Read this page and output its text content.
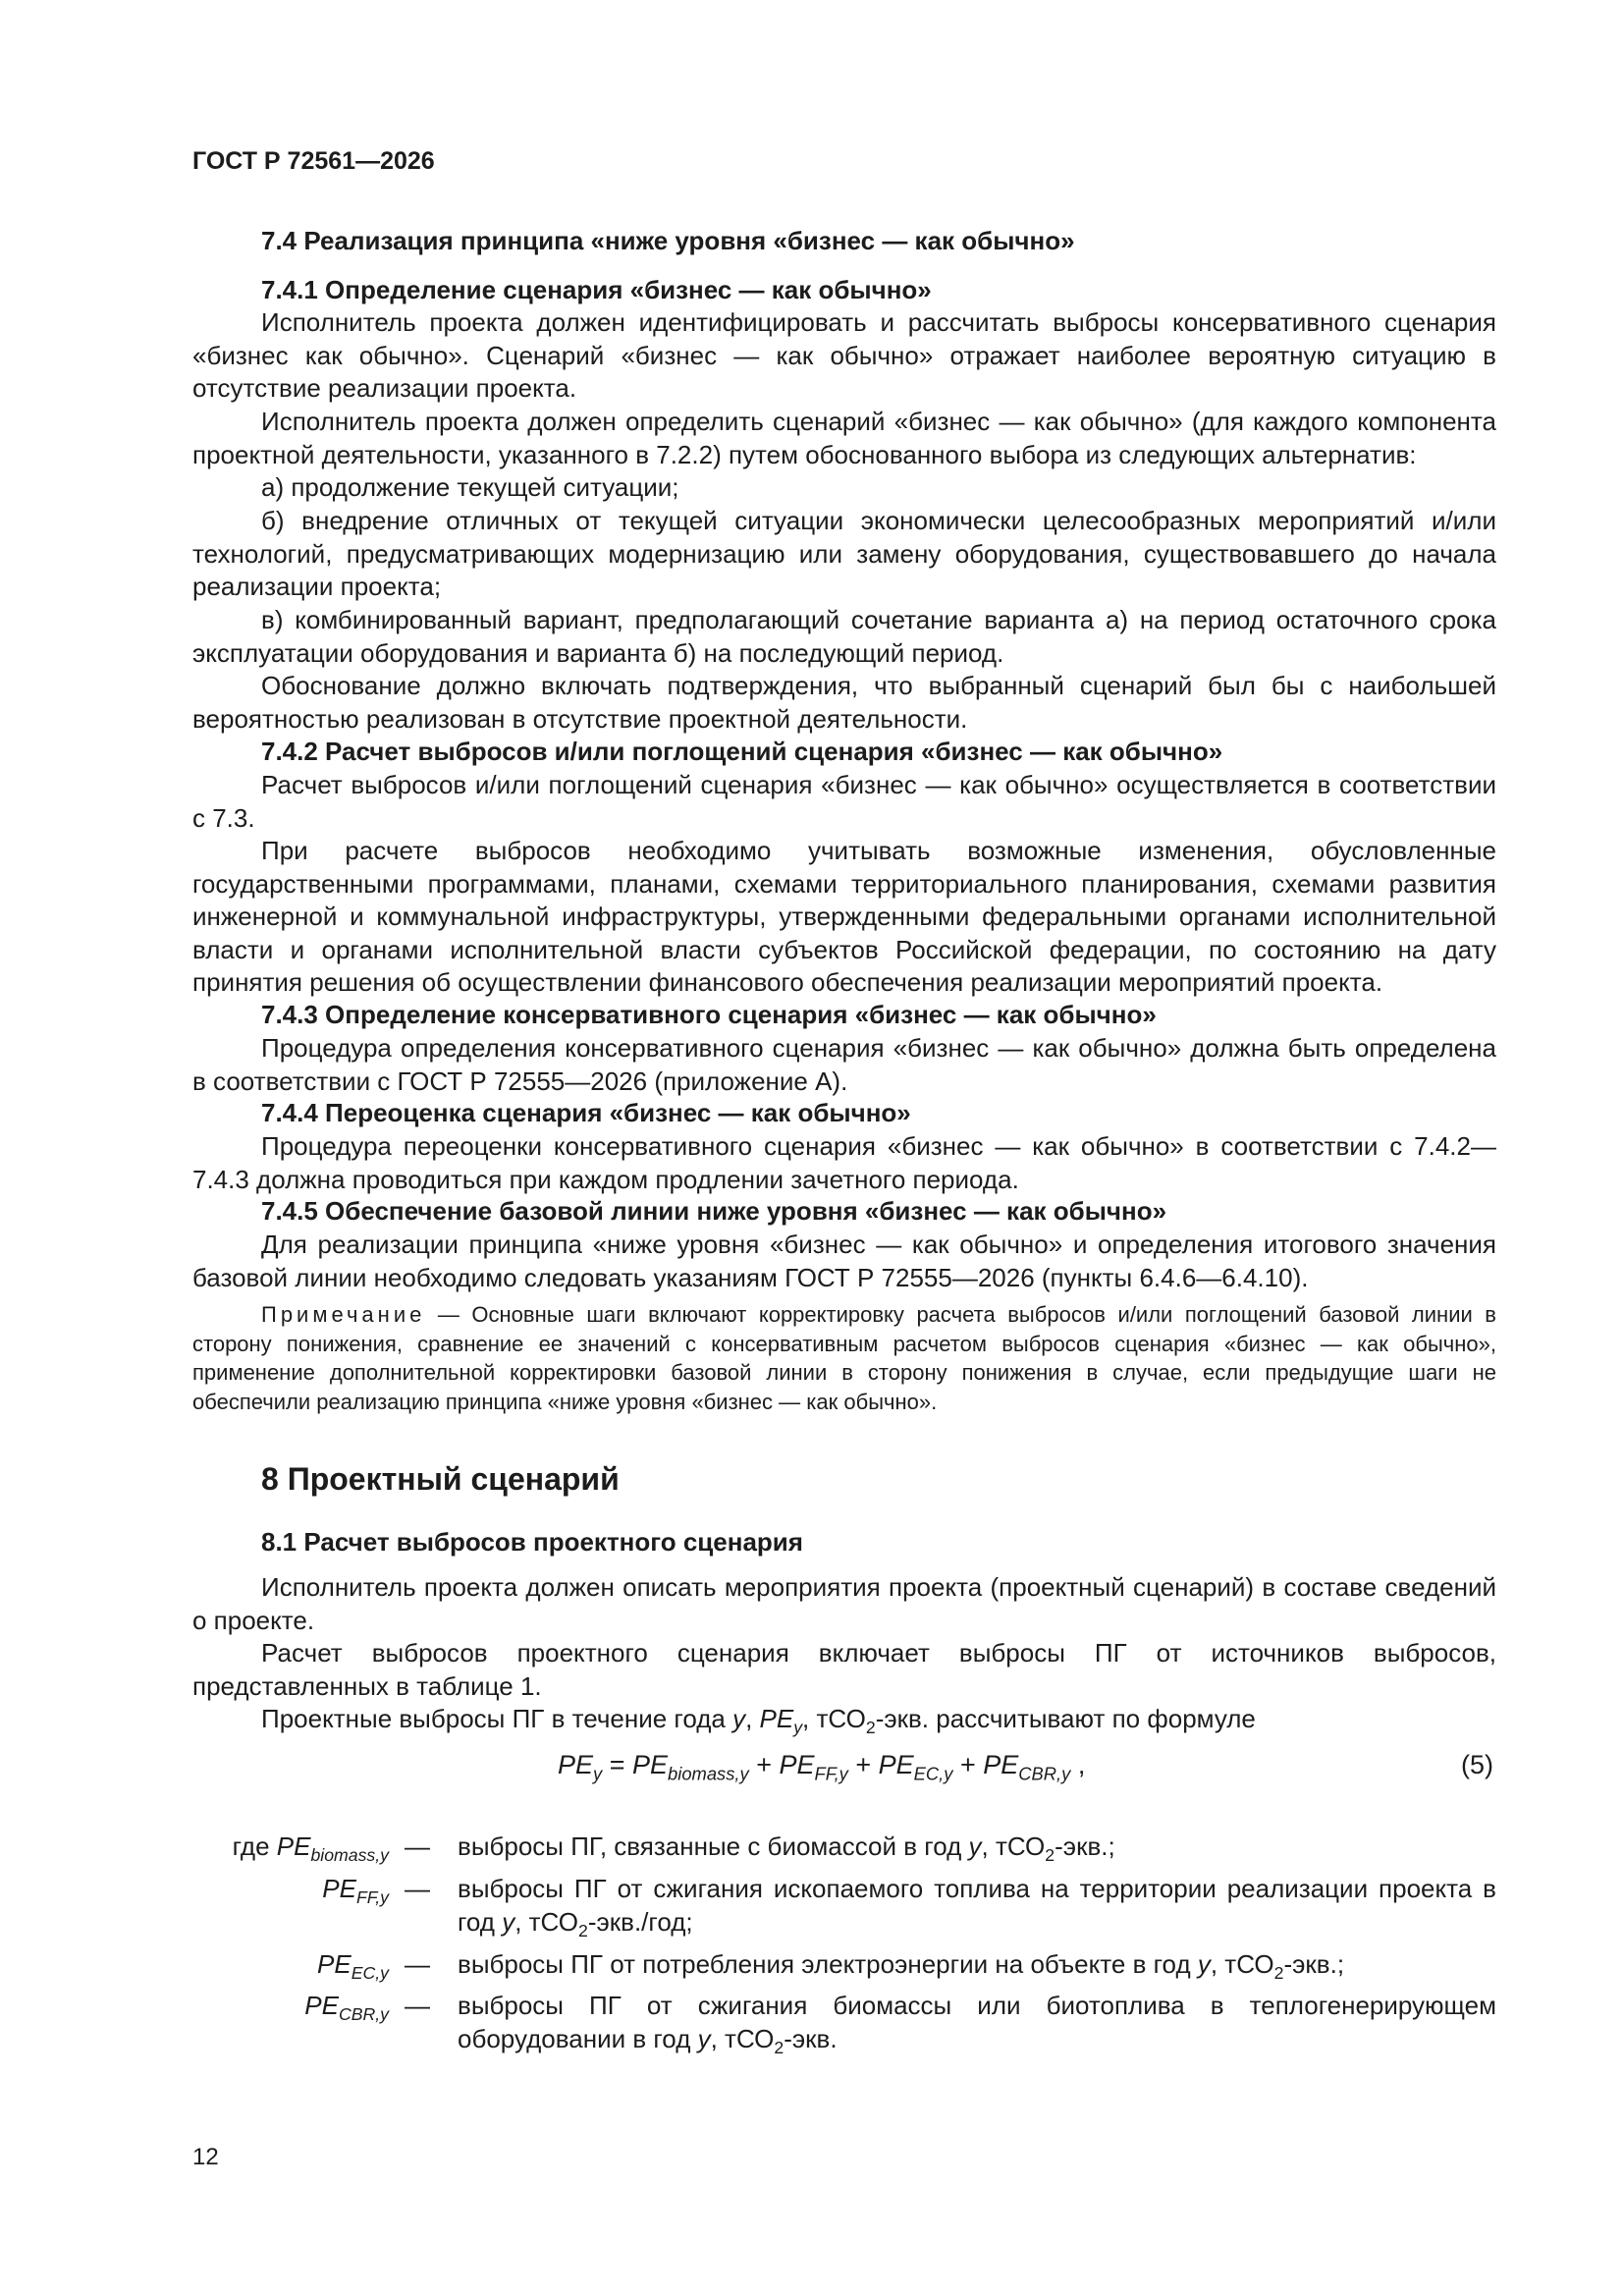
ГОСТ Р 72561—2026
7.4 Реализация принципа «ниже уровня «бизнес — как обычно»
7.4.1 Определение сценария «бизнес — как обычно»
Исполнитель проекта должен идентифицировать и рассчитать выбросы консервативного сценария «бизнес как обычно». Сценарий «бизнес — как обычно» отражает наиболее вероятную ситуацию в отсутствие реализации проекта.
Исполнитель проекта должен определить сценарий «бизнес — как обычно» (для каждого компонента проектной деятельности, указанного в 7.2.2) путем обоснованного выбора из следующих альтернатив:
а) продолжение текущей ситуации;
б) внедрение отличных от текущей ситуации экономически целесообразных мероприятий и/или технологий, предусматривающих модернизацию или замену оборудования, существовавшего до начала реализации проекта;
в) комбинированный вариант, предполагающий сочетание варианта а) на период остаточного срока эксплуатации оборудования и варианта б) на последующий период.
Обоснование должно включать подтверждения, что выбранный сценарий был бы с наибольшей вероятностью реализован в отсутствие проектной деятельности.
7.4.2 Расчет выбросов и/или поглощений сценария «бизнес — как обычно»
Расчет выбросов и/или поглощений сценария «бизнес — как обычно» осуществляется в соответствии с 7.3.
При расчете выбросов необходимо учитывать возможные изменения, обусловленные государственными программами, планами, схемами территориального планирования, схемами развития инженерной и коммунальной инфраструктуры, утвержденными федеральными органами исполнительной власти и органами исполнительной власти субъектов Российской федерации, по состоянию на дату принятия решения об осуществлении финансового обеспечения реализации мероприятий проекта.
7.4.3 Определение консервативного сценария «бизнес — как обычно»
Процедура определения консервативного сценария «бизнес — как обычно» должна быть определена в соответствии с ГОСТ Р 72555—2026 (приложение А).
7.4.4 Переоценка сценария «бизнес — как обычно»
Процедура переоценки консервативного сценария «бизнес — как обычно» в соответствии с 7.4.2—7.4.3 должна проводиться при каждом продлении зачетного периода.
7.4.5 Обеспечение базовой линии ниже уровня «бизнес — как обычно»
Для реализации принципа «ниже уровня «бизнес — как обычно» и определения итогового значения базовой линии необходимо следовать указаниям ГОСТ Р 72555—2026 (пункты 6.4.6—6.4.10).
Примечание — Основные шаги включают корректировку расчета выбросов и/или поглощений базовой линии в сторону понижения, сравнение ее значений с консервативным расчетом выбросов сценария «бизнес — как обычно», применение дополнительной корректировки базовой линии в сторону понижения в случае, если предыдущие шаги не обеспечили реализацию принципа «ниже уровня «бизнес — как обычно».
8 Проектный сценарий
8.1 Расчет выбросов проектного сценария
Исполнитель проекта должен описать мероприятия проекта (проектный сценарий) в составе сведений о проекте.
Расчет выбросов проектного сценария включает выбросы ПГ от источников выбросов, представленных в таблице 1.
Проектные выбросы ПГ в течение года y, $PE_y$, тСО$_2$-экв. рассчитывают по формуле
$PE_y = PE_{biomass,y} + PE_{FF,y} + PE_{EC,y} + PE_{CBR,y}$ ,	(5)
где $PE_{biomass,y}$ — выбросы ПГ, связанные с биомассой в год y, тСО$_2$-экв.;
$PE_{FF,y}$ — выбросы ПГ от сжигания ископаемого топлива на территории реализации проекта в год y, тСО$_2$-экв./год;
$PE_{EC,y}$ — выбросы ПГ от потребления электроэнергии на объекте в год y, тСО$_2$-экв.;
$PE_{CBR,y}$ — выбросы ПГ от сжигания биомассы или биотоплива в теплогенерирующем оборудовании в год y, тСО$_2$-экв.
12
